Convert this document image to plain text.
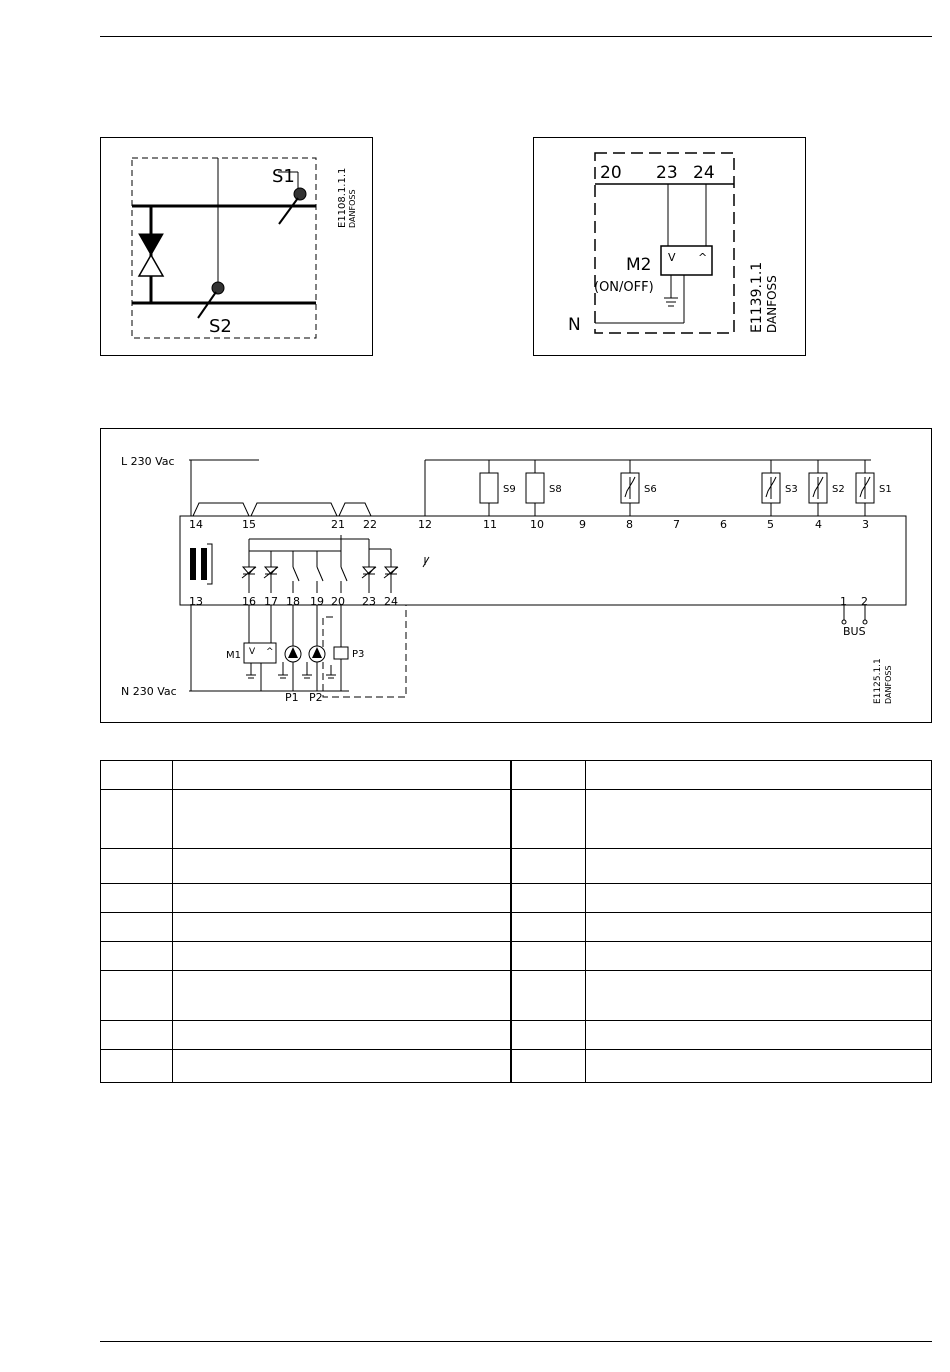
S1
S2
E1108.1.1.1 DANFOSS
20 23 24
V ^
M2
(ON/OFF)
N	E1139.1.1 DANFOSS
L 230 Vac
N 230 Vac
14	15	21 22	12	11	10	9	8	7	6	5	4	3
S9	S8	S6	S3	S2	S1
13	16 17 18 19 20 23 24	1 2
BUS
V ^
M1
P1 P2
P3
E1125.1.1 DANFOSS
